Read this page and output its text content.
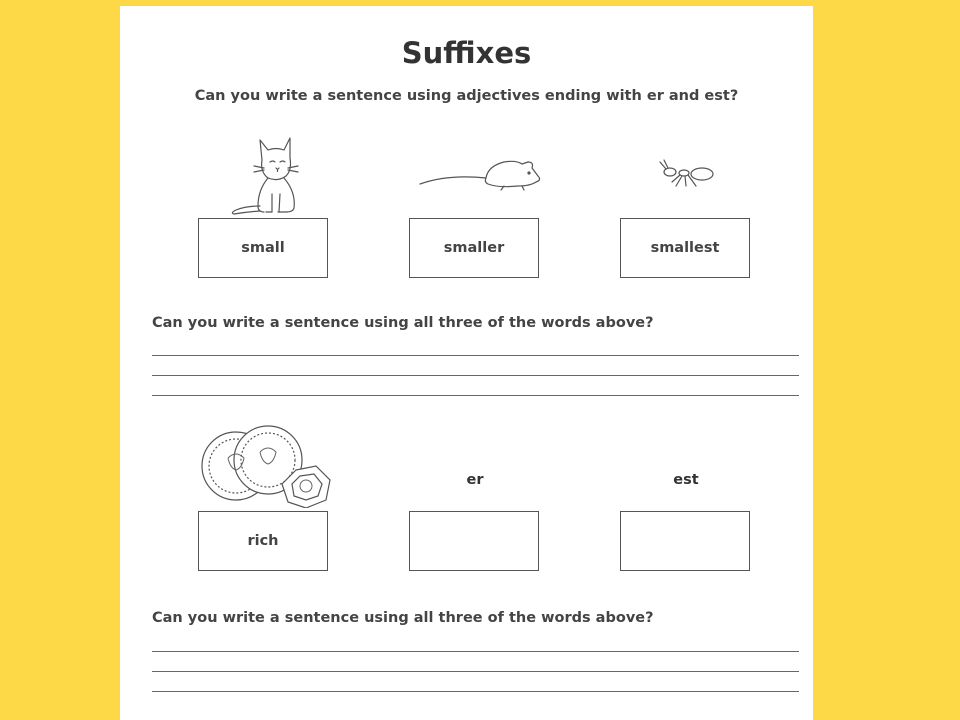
Suffixes
Can you write a sentence using adjectives ending with er and est?
small	smaller	smallest
Can you write a sentence using all three of the words above?
er	est
rich
Can you write a sentence using all three of the words above?
